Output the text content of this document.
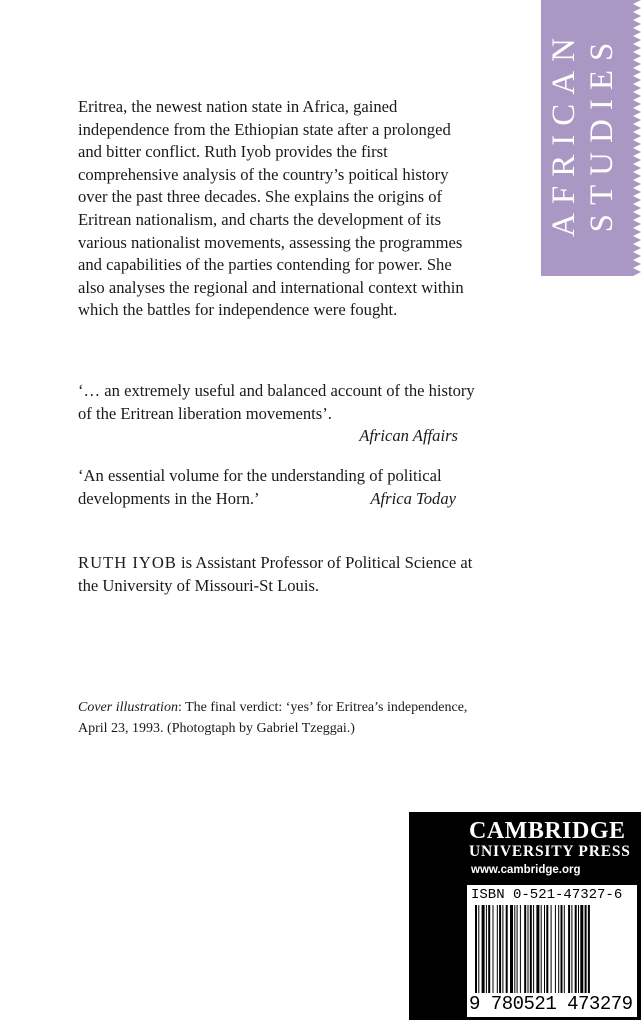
AFRICAN STUDIES

Eritrea, the newest nation state in Africa, gained independence from the Ethiopian state after a prolonged and bitter conflict. Ruth Iyob provides the first comprehensive analysis of the country’s poitical history over the past three decades. She explains the origins of Eritrean nationalism, and charts the development of its various nationalist movements, assessing the programmes and capabilities of the parties contending for power. She also analyses the regional and international context within which the battles for independence were fought.

‘… an extremely useful and balanced account of the history of the Eritrean liberation movements’.

African Affairs

‘An essential volume for the understanding of political

developments in the Horn.’	Africa Today

RUTH IYOB is Assistant Professor of Political Science at the University of Missouri-St Louis.

Cover illustration: The final verdict: ‘yes’ for Eritrea’s independence, April 23, 1993. (Photogtaph by Gabriel Tzeggai.)

CAMBRIDGE
UNIVERSITY PRESS
www.cambridge.org
ISBN 0-521-47327-6
9 780521 473279
